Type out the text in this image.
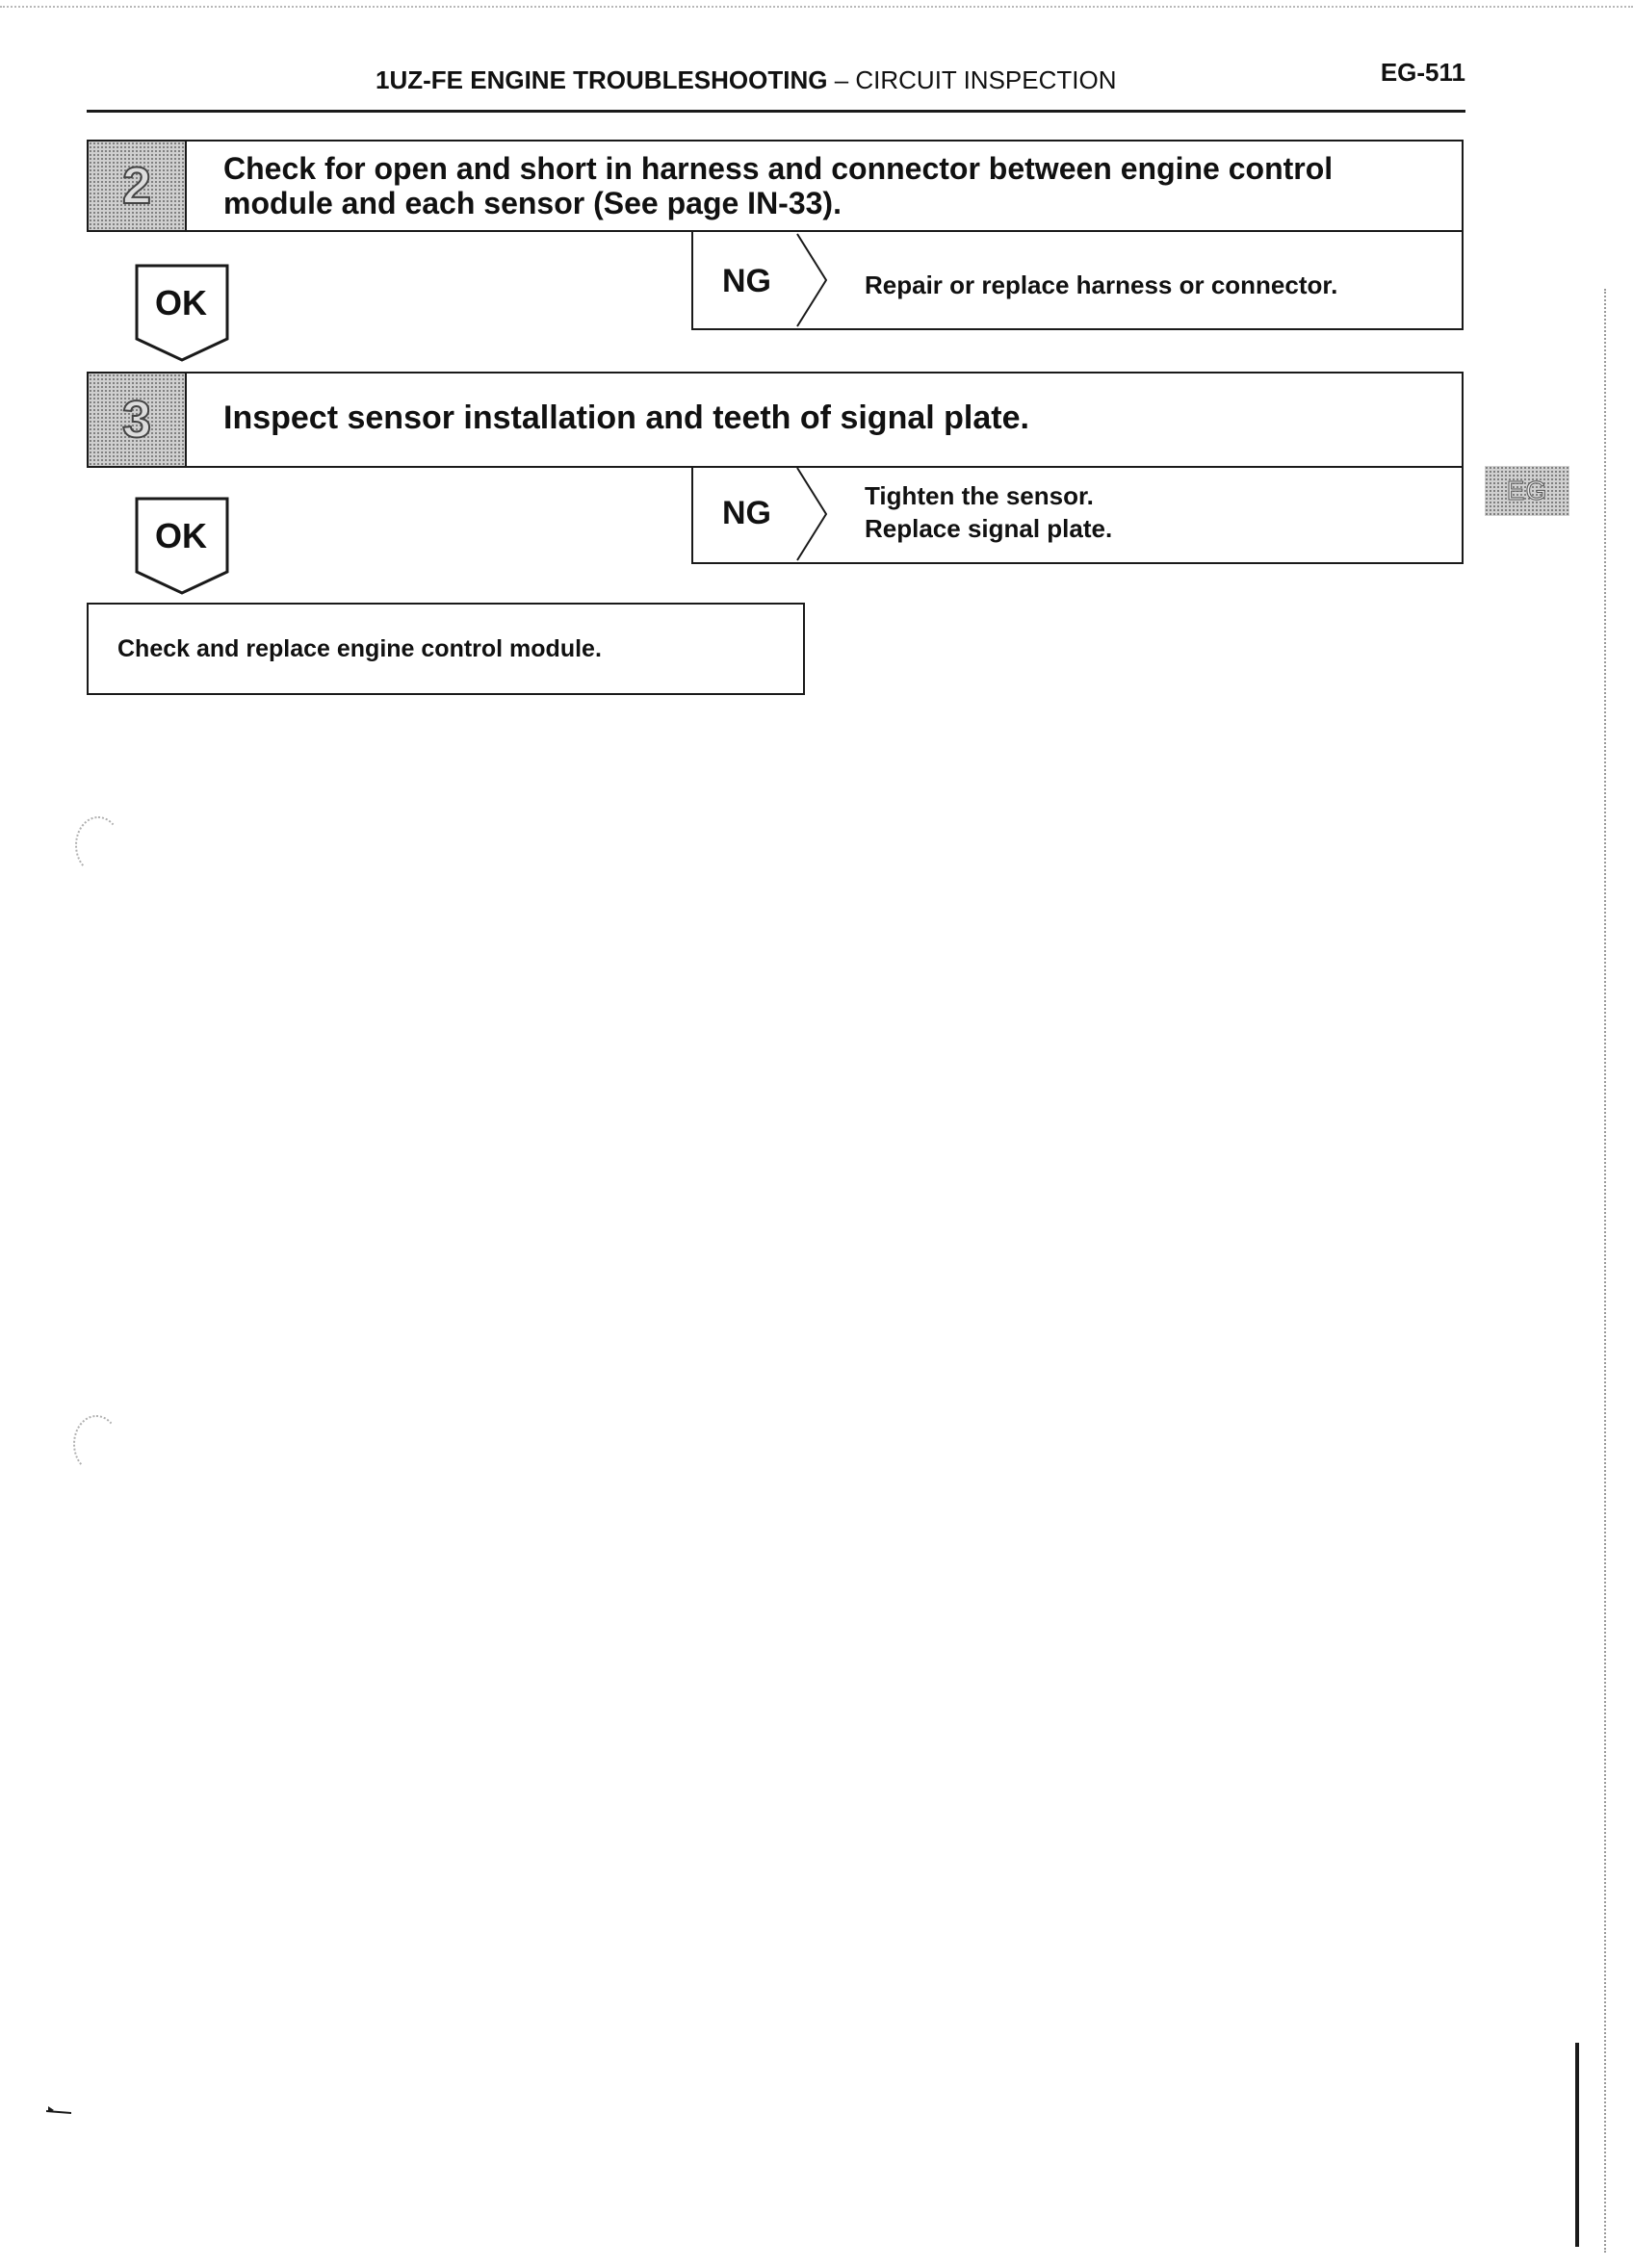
1UZ-FE ENGINE TROUBLESHOOTING – CIRCUIT INSPECTION	EG-511
2 Check for open and short in harness and connector between engine control module and each sensor (See page IN-33).
OK
NG	Repair or replace harness or connector.
3 Inspect sensor installation and teeth of signal plate.
OK
NG	Tighten the sensor.
Replace signal plate.
Check and replace engine control module.
EG
